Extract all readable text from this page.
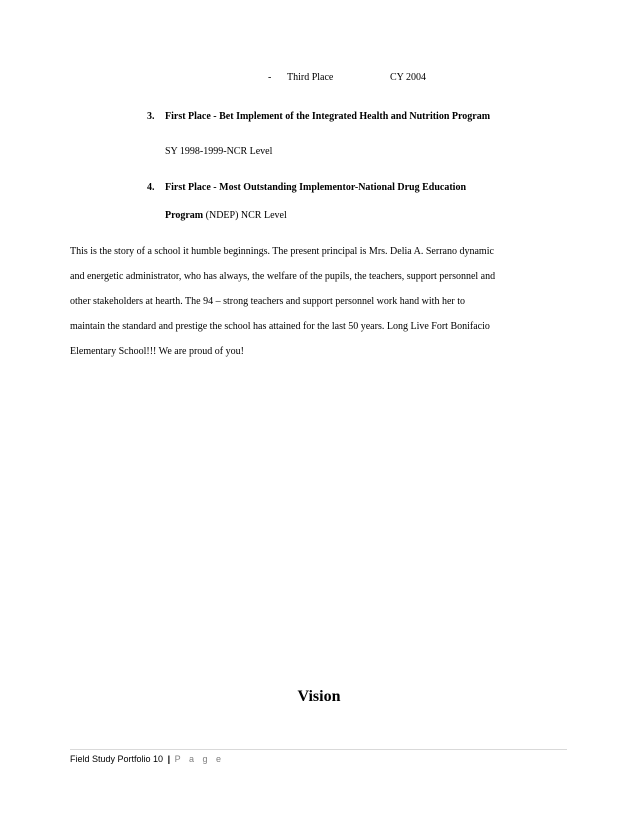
- Third Place	CY 2004
3. First Place - Bet Implement of the Integrated Health and Nutrition Program
SY 1998-1999-NCR Level
4. First Place - Most Outstanding Implementor-National Drug Education
Program (NDEP) NCR Level
This is the story of a school it humble beginnings. The present principal is Mrs. Delia A. Serrano dynamic
and energetic administrator, who has always, the welfare of the pupils, the teachers, support personnel and
other stakeholders at hearth. The 94 – strong teachers and support personnel work hand with her to
maintain the standard and prestige the school has attained for the last 50 years. Long Live Fort Bonifacio
Elementary School!!! We are proud of you!
Vision
Field Study Portfolio 10 | P a g e
